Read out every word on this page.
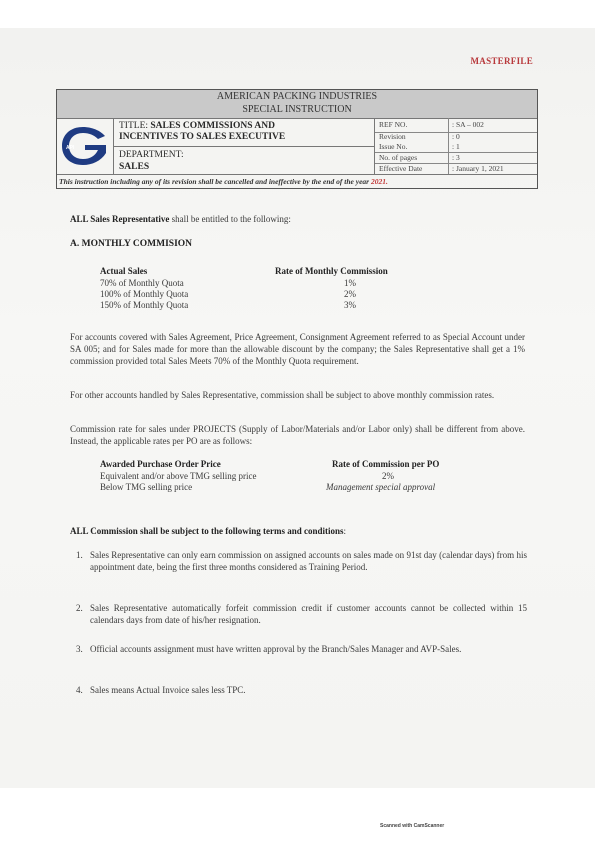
MASTERFILE
AMERICAN PACKING INDUSTRIES
SPECIAL INSTRUCTION
API
TITLE: SALES COMMISSIONS AND
INCENTIVES TO SALES EXECUTIVE
DEPARTMENT:
SALES
REF NO.	: SA – 002
Revision	: 0
Issue No.	: 1
No. of pages	: 3
Effective Date	: January 1, 2021
This instruction including any of its revision shall be cancelled and ineffective by the end of the year 2021.
ALL Sales Representative shall be entitled to the following:
A. MONTHLY COMMISION
Actual Sales	Rate of Monthly Commission
70% of Monthly Quota	1%
100% of Monthly Quota	2%
150% of Monthly Quota	3%
For accounts covered with Sales Agreement, Price Agreement, Consignment Agreement referred to as Special Account under SA 005; and for Sales made for more than the allowable discount by the company; the Sales Representative shall get a 1% commission provided total Sales Meets 70% of the Monthly Quota requirement.
For other accounts handled by Sales Representative, commission shall be subject to above monthly commission rates.
Commission rate for sales under PROJECTS (Supply of Labor/Materials and/or Labor only) shall be different from above. Instead, the applicable rates per PO are as follows:
Awarded Purchase Order Price	Rate of Commission per PO
Equivalent and/or above TMG selling price	2%
Below TMG selling price	Management special approval
ALL Commission shall be subject to the following terms and conditions:
1. Sales Representative can only earn commission on assigned accounts on sales made on 91st day (calendar days) from his appointment date, being the first three months considered as Training Period.
2. Sales Representative automatically forfeit commission credit if customer accounts cannot be collected within 15 calendars days from date of his/her resignation.
3. Official accounts assignment must have written approval by the Branch/Sales Manager and AVP-Sales.
4. Sales means Actual Invoice sales less TPC.
Scanned with CamScanner
